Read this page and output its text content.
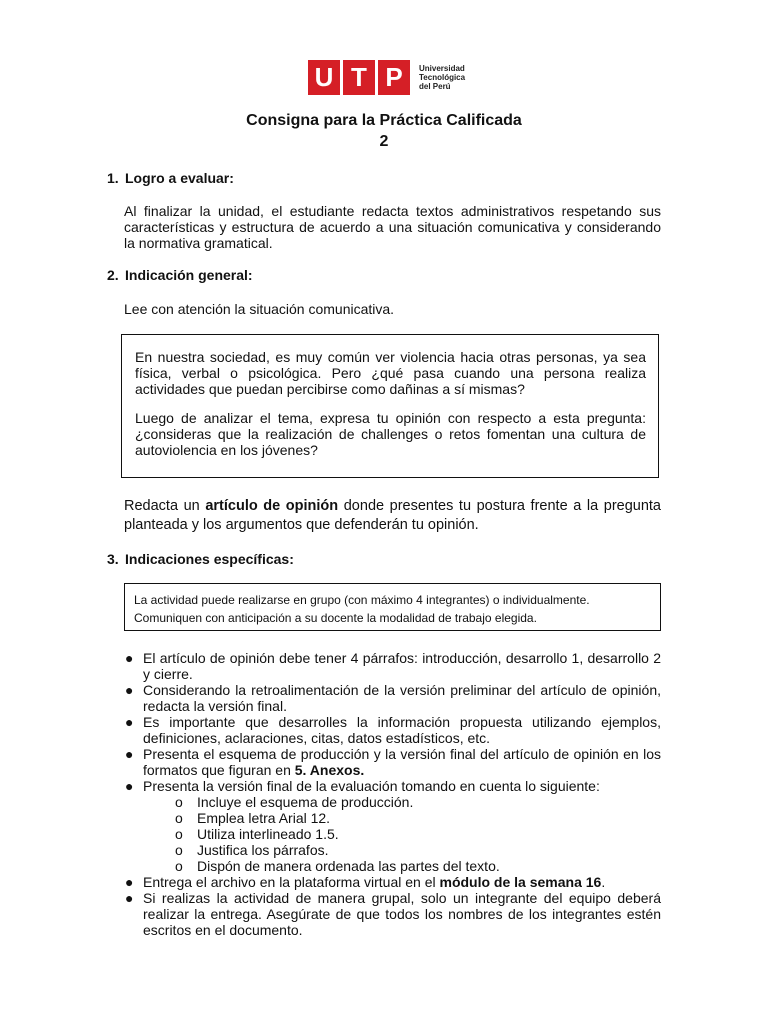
U T P	Universidad
Tecnológica
del Perú
Consigna para la Práctica Calificada
2
1. Logro a evaluar:

Al finalizar la unidad, el estudiante redacta textos administrativos respetando sus características y estructura de acuerdo a una situación comunicativa y considerando la normativa gramatical.

2. Indicación general:

Lee con atención la situación comunicativa.

En nuestra sociedad, es muy común ver violencia hacia otras personas, ya sea física, verbal o psicológica. Pero ¿qué pasa cuando una persona realiza actividades que puedan percibirse como dañinas a sí mismas?

Luego de analizar el tema, expresa tu opinión con respecto a esta pregunta: ¿consideras que la realización de challenges o retos fomentan una cultura de autoviolencia en los jóvenes?

Redacta un artículo de opinión donde presentes tu postura frente a la pregunta planteada y los argumentos que defenderán tu opinión.

3. Indicaciones específicas:
La actividad puede realizarse en grupo (con máximo 4 integrantes) o individualmente.
Comuniquen con anticipación a su docente la modalidad de trabajo elegida.
● El artículo de opinión debe tener 4 párrafos: introducción, desarrollo 1, desarrollo 2 y cierre.
● Considerando la retroalimentación de la versión preliminar del artículo de opinión, redacta la versión final.
● Es importante que desarrolles la información propuesta utilizando ejemplos, definiciones, aclaraciones, citas, datos estadísticos, etc.
● Presenta el esquema de producción y la versión final del artículo de opinión en los formatos que figuran en 5. Anexos.
● Presenta la versión final de la evaluación tomando en cuenta lo siguiente:
o Incluye el esquema de producción.
o Emplea letra Arial 12.
o Utiliza interlineado 1.5.
o Justifica los párrafos.
o Dispón de manera ordenada las partes del texto.
● Entrega el archivo en la plataforma virtual en el módulo de la semana 16.
● Si realizas la actividad de manera grupal, solo un integrante del equipo deberá realizar la entrega. Asegúrate de que todos los nombres de los integrantes estén escritos en el documento.
